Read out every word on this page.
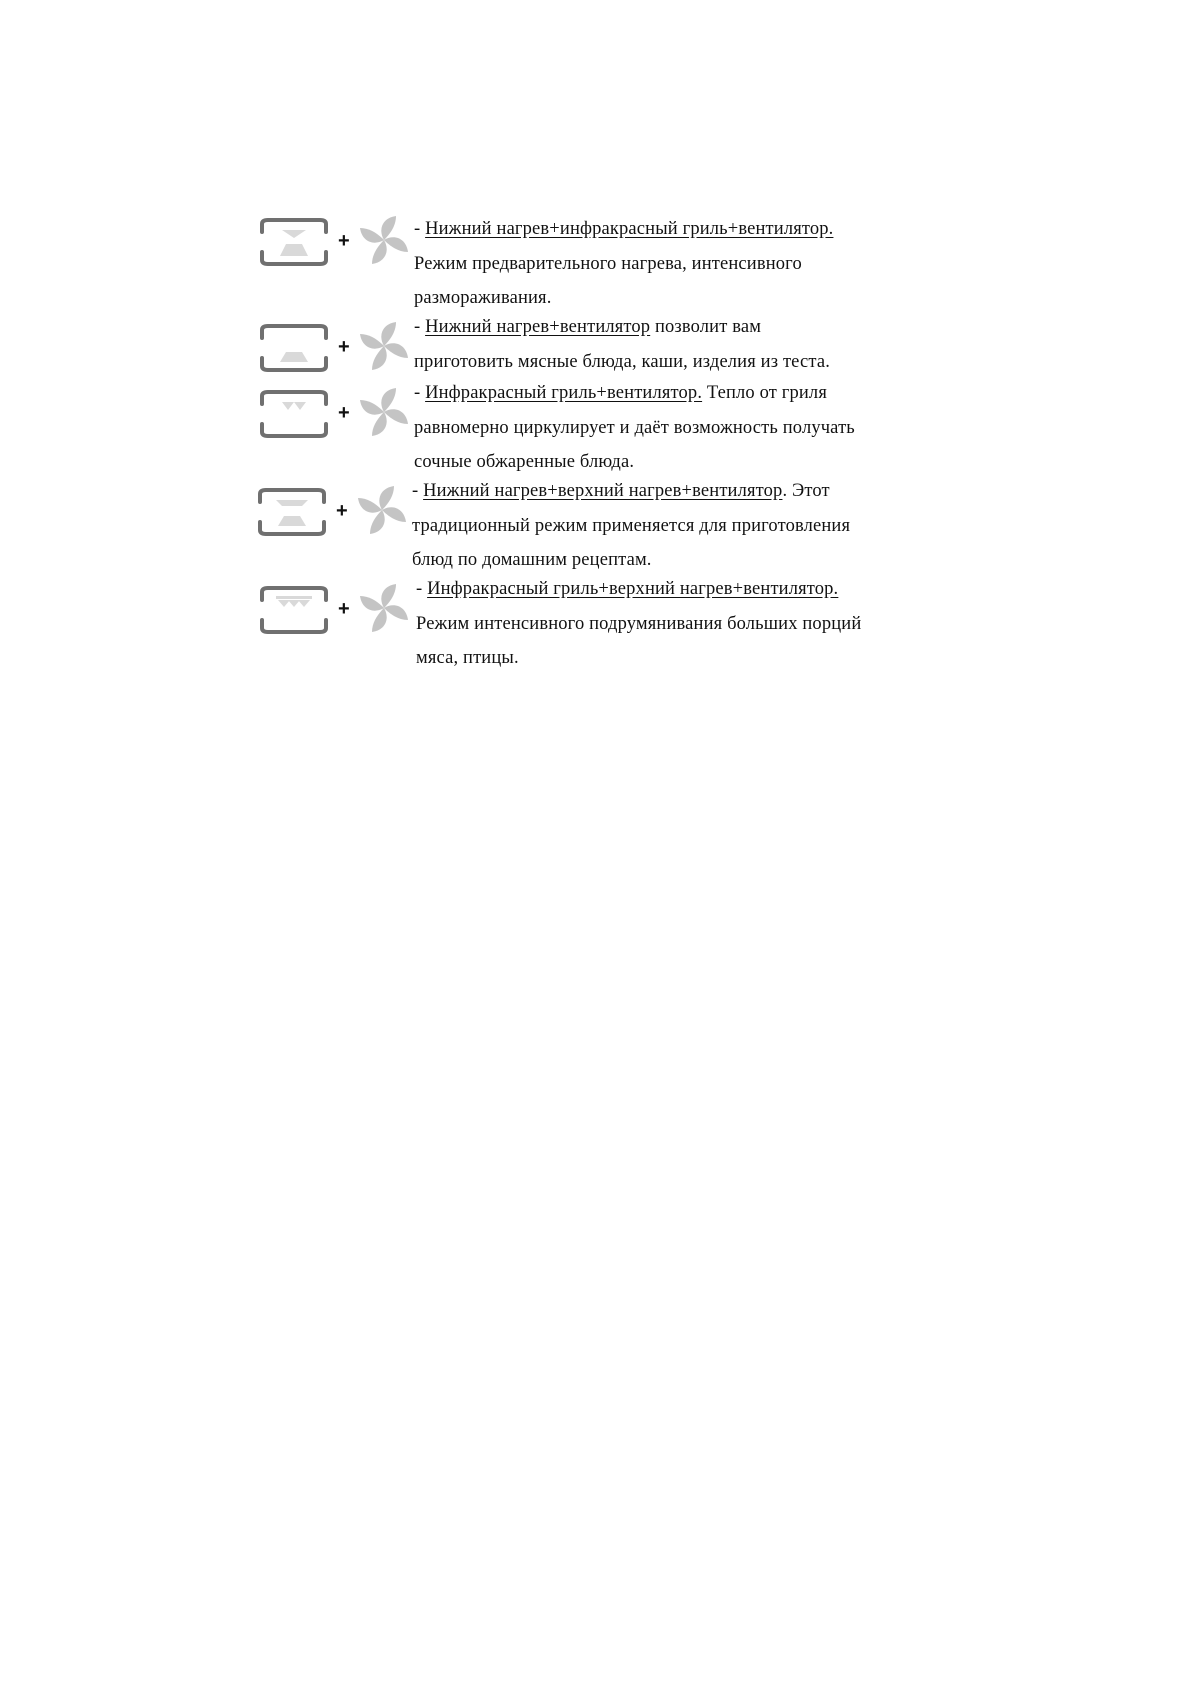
+

- Нижний нагрев+инфракрасный гриль+вентилятор.

Режим предварительного нагрева, интенсивного

размораживания.

+

- Нижний нагрев+вентилятор позволит вам

приготовить мясные блюда, каши, изделия из теста.

+

- Инфракрасный гриль+вентилятор. Тепло от гриля

равномерно циркулирует и даёт возможность получать

сочные обжаренные блюда.

+

- Нижний нагрев+верхний нагрев+вентилятор. Этот

традиционный режим применяется для приготовления

блюд по домашним рецептам.

+

- Инфракрасный гриль+верхний нагрев+вентилятор.

Режим интенсивного подрумянивания больших порций

мяса, птицы.
